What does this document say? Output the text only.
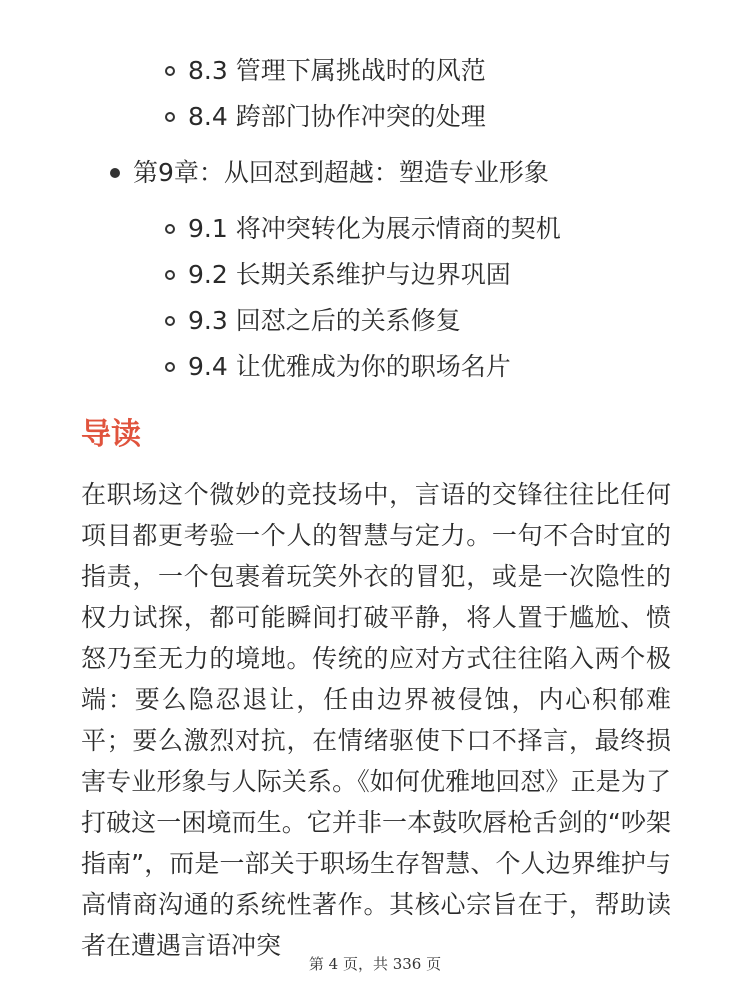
8.3 管理下属挑战时的风范
8.4 跨部门协作冲突的处理
第9章：从回怼到超越：塑造专业形象
9.1 将冲突转化为展示情商的契机
9.2 长期关系维护与边界巩固
9.3 回怼之后的关系修复
9.4 让优雅成为你的职场名片
导读

在职场这个微妙的竞技场中，言语的交锋往往比任何项目都更考验一个人的智慧与定力。一句不合时宜的指责，一个包裹着玩笑外衣的冒犯，或是一次隐性的权力试探，都可能瞬间打破平静，将人置于尴尬、愤怒乃至无力的境地。传统的应对方式往往陷入两个极端：要么隐忍退让，任由边界被侵蚀，内心积郁难平；要么激烈对抗，在情绪驱使下口不择言，最终损害专业形象与人际关系。《如何优雅地回怼》正是为了打破这一困境而生。它并非一本鼓吹唇枪舌剑的“吵架指南”，而是一部关于职场生存智慧、个人边界维护与高情商沟通的系统性著作。其核心宗旨在于，帮助读者在遭遇言语冲突

第 4 页，共 336 页
